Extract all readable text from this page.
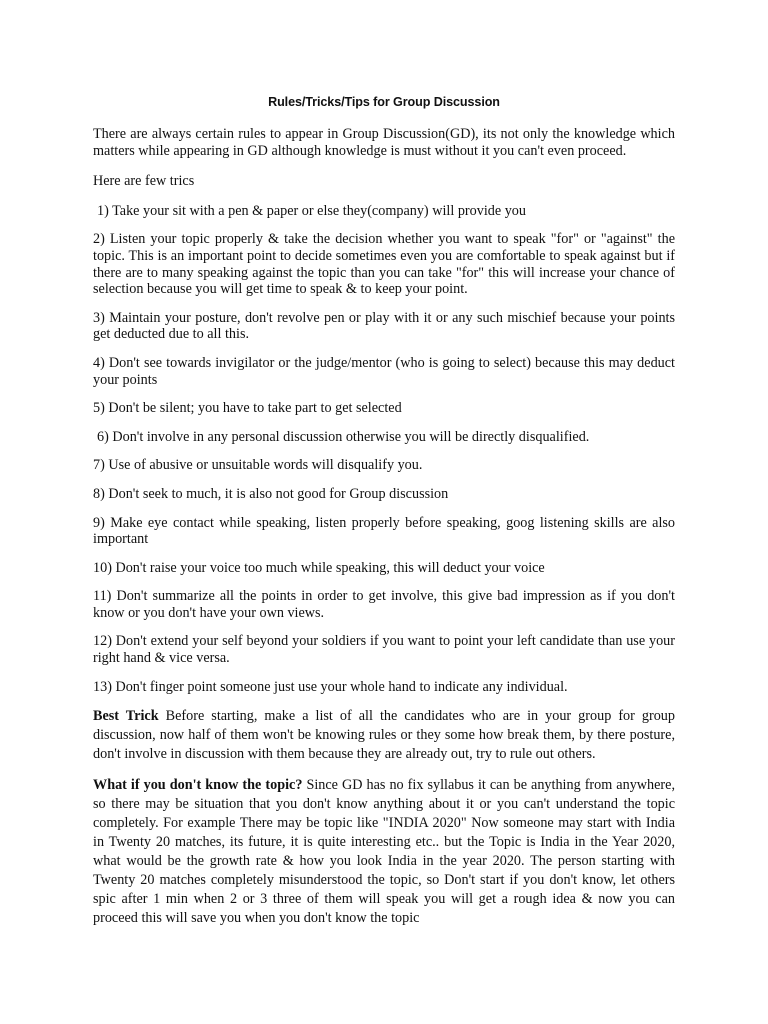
Rules/Tricks/Tips for Group Discussion

There are always certain rules to appear in Group Discussion(GD), its not only the knowledge which matters while appearing in GD although knowledge is must without it you can't even proceed.

Here are few trics

1) Take your sit with a pen & paper or else they(company) will provide you

2) Listen your topic properly & take the decision whether you want to speak "for" or "against" the topic. This is an important point to decide sometimes even you are comfortable to speak against but if there are to many speaking against the topic than you can take "for" this will increase your chance of selection because you will get time to speak & to keep your point.

3) Maintain your posture, don't revolve pen or play with it or any such mischief because your points get deducted due to all this.

4) Don't see towards invigilator or the judge/mentor (who is going to select) because this may deduct your points

5) Don't be silent; you have to take part to get selected

6) Don't involve in any personal discussion otherwise you will be directly disqualified.

7) Use of abusive or unsuitable words will disqualify you.

8) Don't seek to much, it is also not good for Group discussion

9) Make eye contact while speaking, listen properly before speaking, goog listening skills are also important

10) Don't raise your voice too much while speaking, this will deduct your voice

11) Don't summarize all the points in order to get involve, this give bad impression as if you don't know or you don't have your own views.

12) Don't extend your self beyond your soldiers if you want to point your left candidate than use your right hand & vice versa.

13) Don't finger point someone just use your whole hand to indicate any individual.

Best Trick Before starting, make a list of all the candidates who are in your group for group discussion, now half of them won't be knowing rules or they some how break them, by there posture, don't involve in discussion with them because they are already out, try to rule out others.

What if you don't know the topic? Since GD has no fix syllabus it can be anything from anywhere, so there may be situation that you don't know anything about it or you can't understand the topic completely. For example There may be topic like "INDIA 2020" Now someone may start with India in Twenty 20 matches, its future, it is quite interesting etc.. but the Topic is India in the Year 2020, what would be the growth rate & how you look India in the year 2020. The person starting with Twenty 20 matches completely misunderstood the topic, so Don't start if you don't know, let others spic after 1 min when 2 or 3 three of them will speak you will get a rough idea & now you can proceed this will save you when you don't know the topic
